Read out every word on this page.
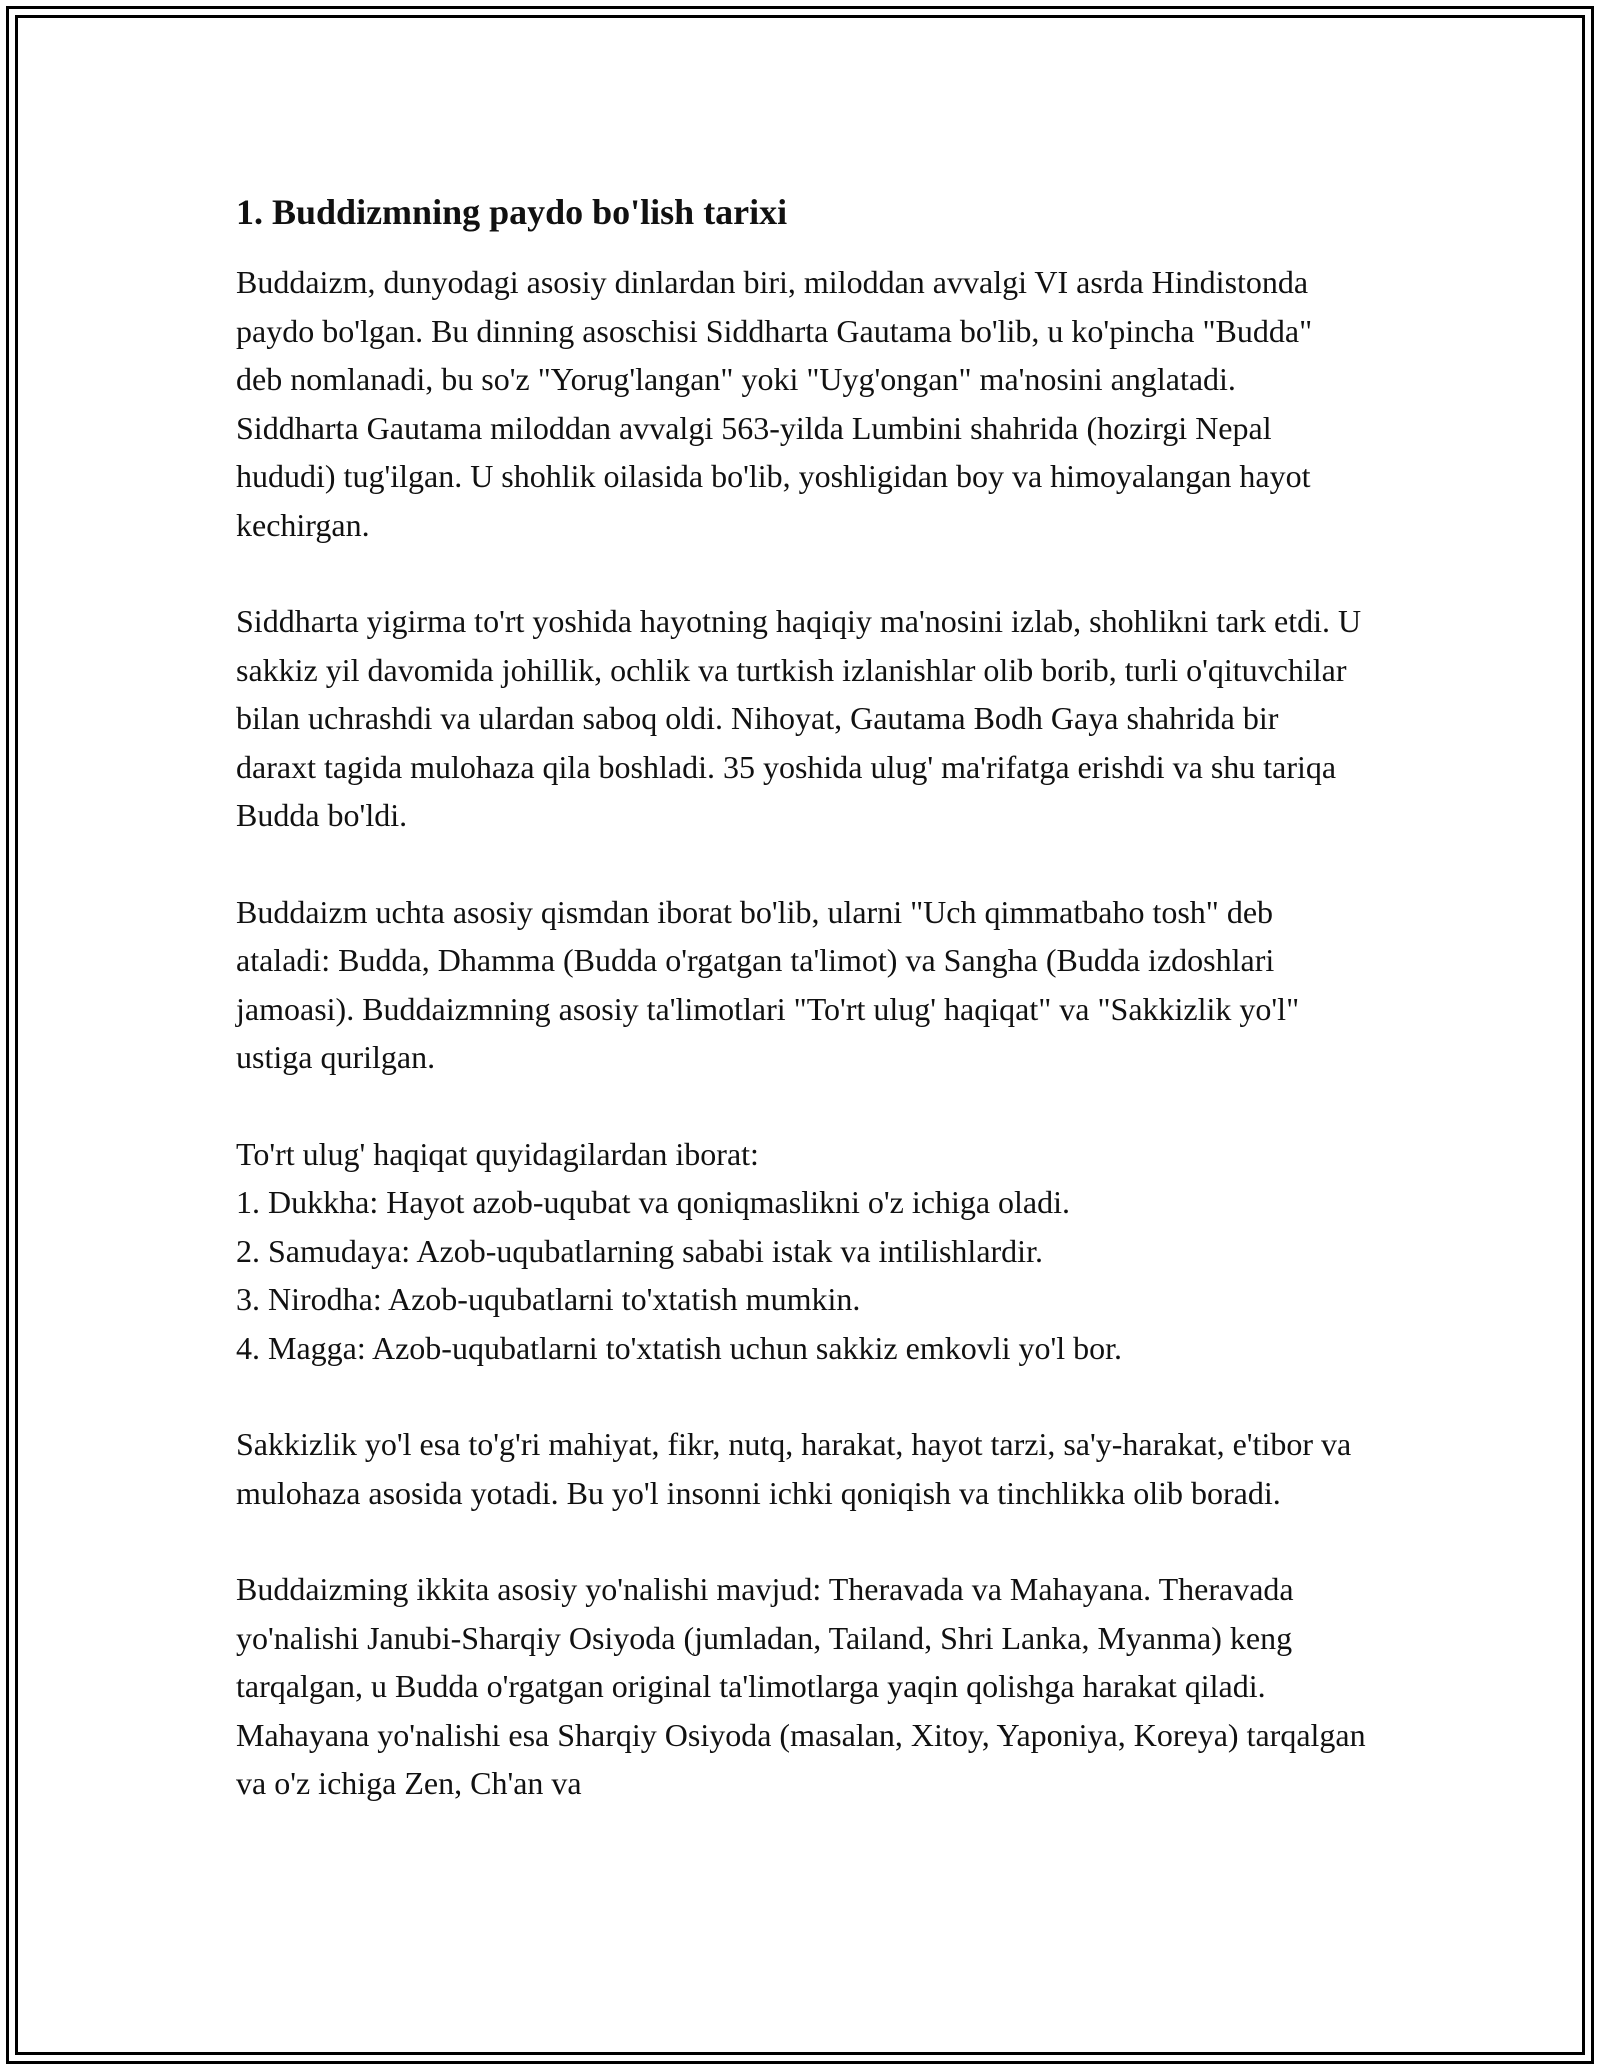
1. Buddizmning paydo bo'lish tarixi

Buddaizm, dunyodagi asosiy dinlardan biri, miloddan avvalgi VI asrda Hindistonda paydo bo'lgan. Bu dinning asoschisi Siddharta Gautama bo'lib, u ko'pincha "Budda" deb nomlanadi, bu so'z "Yorug'langan" yoki "Uyg'ongan" ma'nosini anglatadi. Siddharta Gautama miloddan avvalgi 563-yilda Lumbini shahrida (hozirgi Nepal hududi) tug'ilgan. U shohlik oilasida bo'lib, yoshligidan boy va himoyalangan hayot kechirgan.

Siddharta yigirma to'rt yoshida hayotning haqiqiy ma'nosini izlab, shohlikni tark etdi. U sakkiz yil davomida johillik, ochlik va turtkish izlanishlar olib borib, turli o'qituvchilar bilan uchrashdi va ulardan saboq oldi. Nihoyat, Gautama Bodh Gaya shahrida bir daraxt tagida mulohaza qila boshladi. 35 yoshida ulug' ma'rifatga erishdi va shu tariqa Budda bo'ldi.

Buddaizm uchta asosiy qismdan iborat bo'lib, ularni "Uch qimmatbaho tosh" deb ataladi: Budda, Dhamma (Budda o'rgatgan ta'limot) va Sangha (Budda izdoshlari jamoasi). Buddaizmning asosiy ta'limotlari "To'rt ulug' haqiqat" va "Sakkizlik yo'l" ustiga qurilgan.

To'rt ulug' haqiqat quyidagilardan iborat:
1. Dukkha: Hayot azob-uqubat va qoniqmaslikni o'z ichiga oladi.
2. Samudaya: Azob-uqubatlarning sababi istak va intilishlardir.
3. Nirodha: Azob-uqubatlarni to'xtatish mumkin.
4. Magga: Azob-uqubatlarni to'xtatish uchun sakkiz emkovli yo'l bor.

Sakkizlik yo'l esa to'g'ri mahiyat, fikr, nutq, harakat, hayot tarzi, sa'y-harakat, e'tibor va mulohaza asosida yotadi. Bu yo'l insonni ichki qoniqish va tinchlikka olib boradi.

Buddaizming ikkita asosiy yo'nalishi mavjud: Theravada va Mahayana. Theravada yo'nalishi Janubi-Sharqiy Osiyoda (jumladan, Tailand, Shri Lanka, Myanma) keng tarqalgan, u Budda o'rgatgan original ta'limotlarga yaqin qolishga harakat qiladi. Mahayana yo'nalishi esa Sharqiy Osiyoda (masalan, Xitoy, Yaponiya, Koreya) tarqalgan va o'z ichiga Zen, Ch'an va
